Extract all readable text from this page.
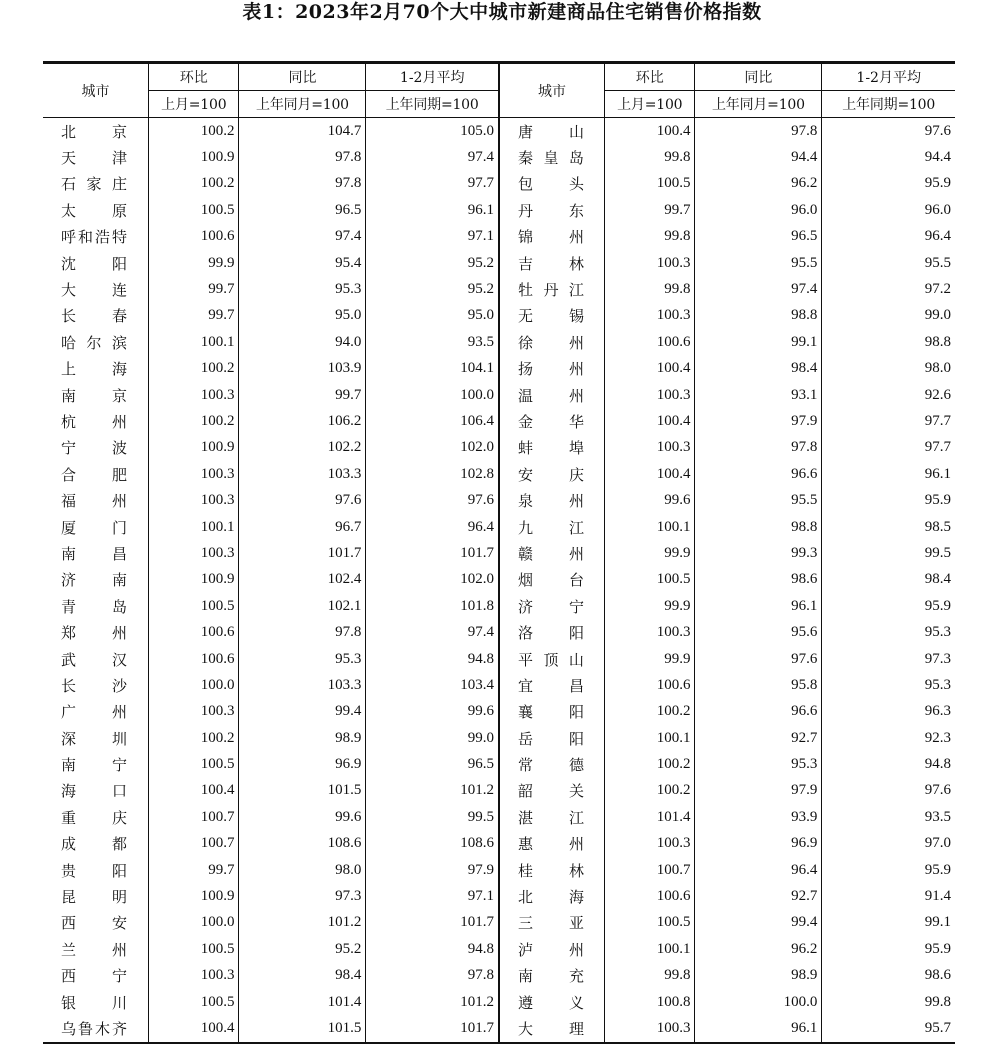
表1：2023年2月70个大中城市新建商品住宅销售价格指数
城市	环比	同比	1-2月平均	城市	环比	同比	1-2月平均
	上月=100	上年同月=100	上年同期=100		上月=100	上年同月=100	上年同期=100

北 京	100.2	104.7	105.0	唐 山	100.4	97.8	97.6

天 津	100.9	97.8	97.4	秦 皇 岛	99.8	94.4	94.4

石 家 庄	100.2	97.8	97.7	包 头	100.5	96.2	95.9

太 原	100.5	96.5	96.1	丹 东	99.7	96.0	96.0

呼 和 浩 特	100.6	97.4	97.1	锦 州	99.8	96.5	96.4

沈 阳	99.9	95.4	95.2	吉 林	100.3	95.5	95.5

大 连	99.7	95.3	95.2	牡 丹 江	99.8	97.4	97.2

长 春	99.7	95.0	95.0	无 锡	100.3	98.8	99.0

哈 尔 滨	100.1	94.0	93.5	徐 州	100.6	99.1	98.8

上 海	100.2	103.9	104.1	扬 州	100.4	98.4	98.0

南 京	100.3	99.7	100.0	温 州	100.3	93.1	92.6

杭 州	100.2	106.2	106.4	金 华	100.4	97.9	97.7

宁 波	100.9	102.2	102.0	蚌 埠	100.3	97.8	97.7

合 肥	100.3	103.3	102.8	安 庆	100.4	96.6	96.1

福 州	100.3	97.6	97.6	泉 州	99.6	95.5	95.9

厦 门	100.1	96.7	96.4	九 江	100.1	98.8	98.5

南 昌	100.3	101.7	101.7	赣 州	99.9	99.3	99.5

济 南	100.9	102.4	102.0	烟 台	100.5	98.6	98.4

青 岛	100.5	102.1	101.8	济 宁	99.9	96.1	95.9

郑 州	100.6	97.8	97.4	洛 阳	100.3	95.6	95.3

武 汉	100.6	95.3	94.8	平 顶 山	99.9	97.6	97.3

长 沙	100.0	103.3	103.4	宜 昌	100.6	95.8	95.3

广 州	100.3	99.4	99.6	襄 阳	100.2	96.6	96.3

深 圳	100.2	98.9	99.0	岳 阳	100.1	92.7	92.3

南 宁	100.5	96.9	96.5	常 德	100.2	95.3	94.8

海 口	100.4	101.5	101.2	韶 关	100.2	97.9	97.6

重 庆	100.7	99.6	99.5	湛 江	101.4	93.9	93.5

成 都	100.7	108.6	108.6	惠 州	100.3	96.9	97.0

贵 阳	99.7	98.0	97.9	桂 林	100.7	96.4	95.9

昆 明	100.9	97.3	97.1	北 海	100.6	92.7	91.4

西 安	100.0	101.2	101.7	三 亚	100.5	99.4	99.1

兰 州	100.5	95.2	94.8	泸 州	100.1	96.2	95.9

西 宁	100.3	98.4	97.8	南 充	99.8	98.9	98.6

银 川	100.5	101.4	101.2	遵 义	100.8	100.0	99.8

乌 鲁 木 齐	100.4	101.5	101.7	大 理	100.3	96.1	95.7
